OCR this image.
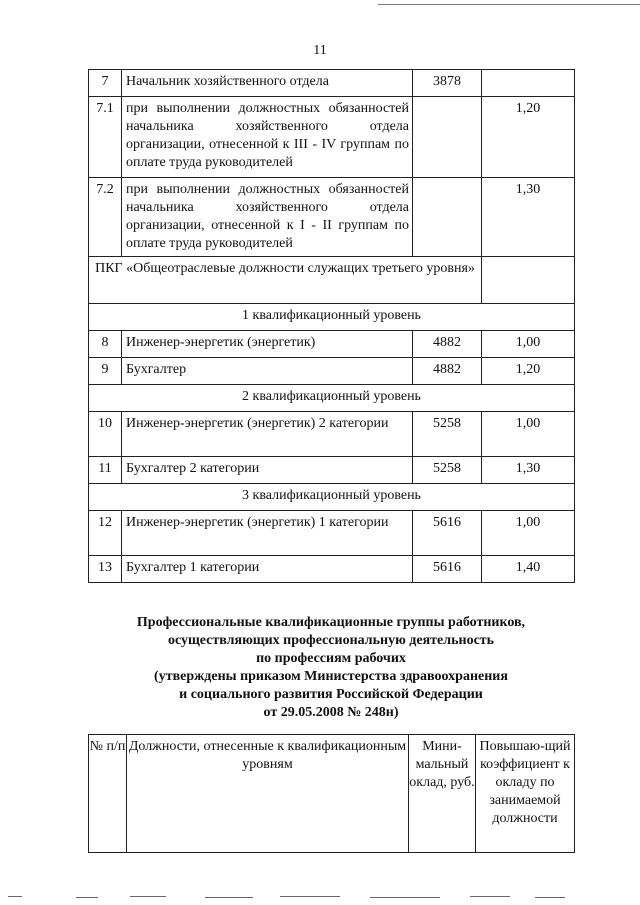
11
7	Начальник хозяйственного отдела	3878	
7.1	при выполнении должностных обязанностей начальника хозяйственного отдела организации, отнесенной к III - IV группам по оплате труда руководителей		1,20
7.2	при выполнении должностных обязанностей начальника хозяйственного отдела организации, отнесенной к I - II группам по оплате труда руководителей		1,30
ПКГ «Общеотраслевые должности служащих третьего уровня»			
1 квалификационный уровень			
8	Инженер-энергетик (энергетик)	4882	1,00
9	Бухгалтер	4882	1,20
2 квалификационный уровень			
10	Инженер-энергетик (энергетик) 2 категории	5258	1,00
11	Бухгалтер 2 категории	5258	1,30
3 квалификационный уровень			
12	Инженер-энергетик (энергетик) 1 категории	5616	1,00
13	Бухгалтер 1 категории	5616	1,40
Профессиональные квалификационные группы работников,
осуществляющих профессиональную деятельность
по профессиям рабочих
(утверждены приказом Министерства здравоохранения
и социального развития Российской Федерации
от 29.05.2008 № 248н)
№ п/п	Должности, отнесенные к квалификационным уровням	Мини-мальный оклад, руб.	Повышаю-щий коэффициент к окладу по занимаемой должности
